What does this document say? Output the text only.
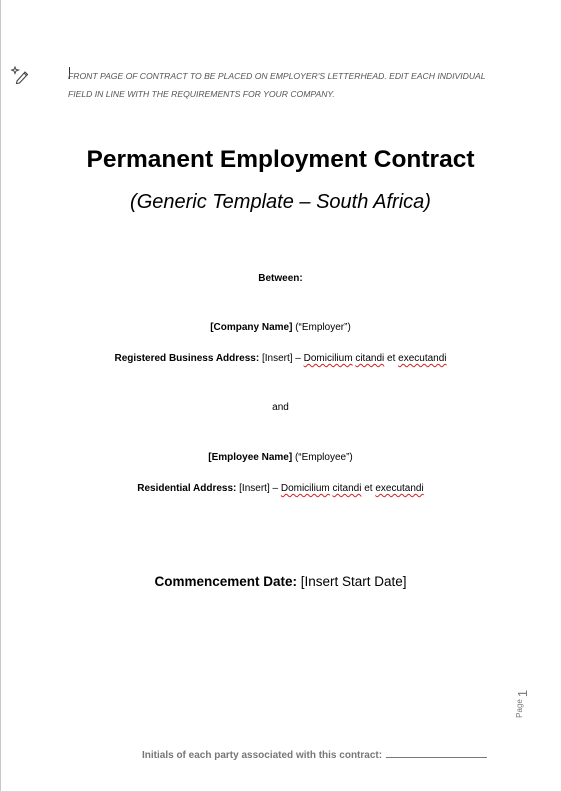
FRONT PAGE OF CONTRACT TO BE PLACED ON EMPLOYER'S LETTERHEAD. EDIT EACH INDIVIDUAL
FIELD IN LINE WITH THE REQUIREMENTS FOR YOUR COMPANY.
Permanent Employment Contract
(Generic Template – South Africa)
Between:
[Company Name] (“Employer”)
Registered Business Address: [Insert] – Domicilium citandi et executandi
and
[Employee Name] (“Employee”)
Residential Address: [Insert] – Domicilium citandi et executandi
Commencement Date: [Insert Start Date]
Page
1
Initials of each party associated with this contract:
